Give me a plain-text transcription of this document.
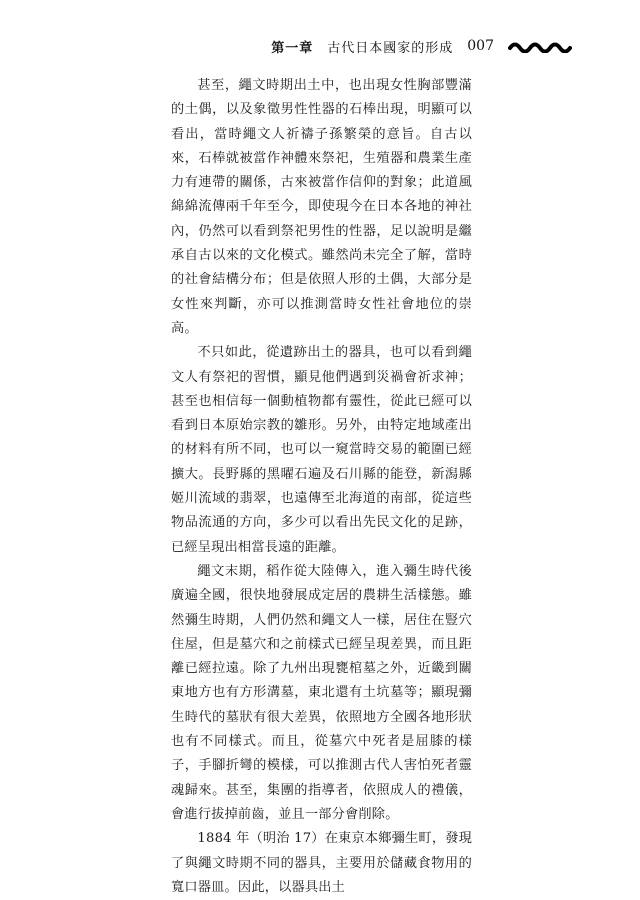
第一章 古代日本國家的形成 007

甚至，繩文時期出土中，也出現女性胸部豐滿的土偶，以及象徵男性性器的石棒出現，明顯可以看出，當時繩文人祈禱子孫繁榮的意旨。自古以來，石棒就被當作神體來祭祀，生殖器和農業生產力有連帶的關係，古來被當作信仰的對象；此道風綿綿流傳兩千年至今，即使現今在日本各地的神社內，仍然可以看到祭祀男性的性器，足以說明是繼承自古以來的文化模式。雖然尚未完全了解，當時的社會結構分布；但是依照人形的土偶，大部分是女性來判斷，亦可以推測當時女性社會地位的崇高。

不只如此，從遺跡出土的器具，也可以看到繩文人有祭祀的習慣，顯見他們遇到災禍會祈求神；甚至也相信每一個動植物都有靈性，從此已經可以看到日本原始宗教的雛形。另外，由特定地域產出的材料有所不同，也可以一窺當時交易的範圍已經擴大。長野縣的黑曜石遍及石川縣的能登，新潟縣姬川流域的翡翠，也遠傳至北海道的南部，從這些物品流通的方向，多少可以看出先民文化的足跡，已經呈現出相當長遠的距離。

繩文末期，稻作從大陸傳入，進入彌生時代後廣遍全國，很快地發展成定居的農耕生活樣態。雖然彌生時期，人們仍然和繩文人一樣，居住在豎穴住屋，但是墓穴和之前樣式已經呈現差異，而且距離已經拉遠。除了九州出現甕棺墓之外，近畿到關東地方也有方形溝墓，東北還有土坑墓等；顯現彌生時代的墓狀有很大差異，依照地方全國各地形狀也有不同樣式。而且，從墓穴中死者是屈膝的樣子，手腳折彎的模樣，可以推測古代人害怕死者靈魂歸來。甚至，集團的指導者，依照成人的禮儀，會進行拔掉前齒，並且一部分會削除。

1884 年（明治 17）在東京本鄉彌生町，發現了與繩文時期不同的器具，主要用於儲藏食物用的寬口器皿。因此，以器具出土
